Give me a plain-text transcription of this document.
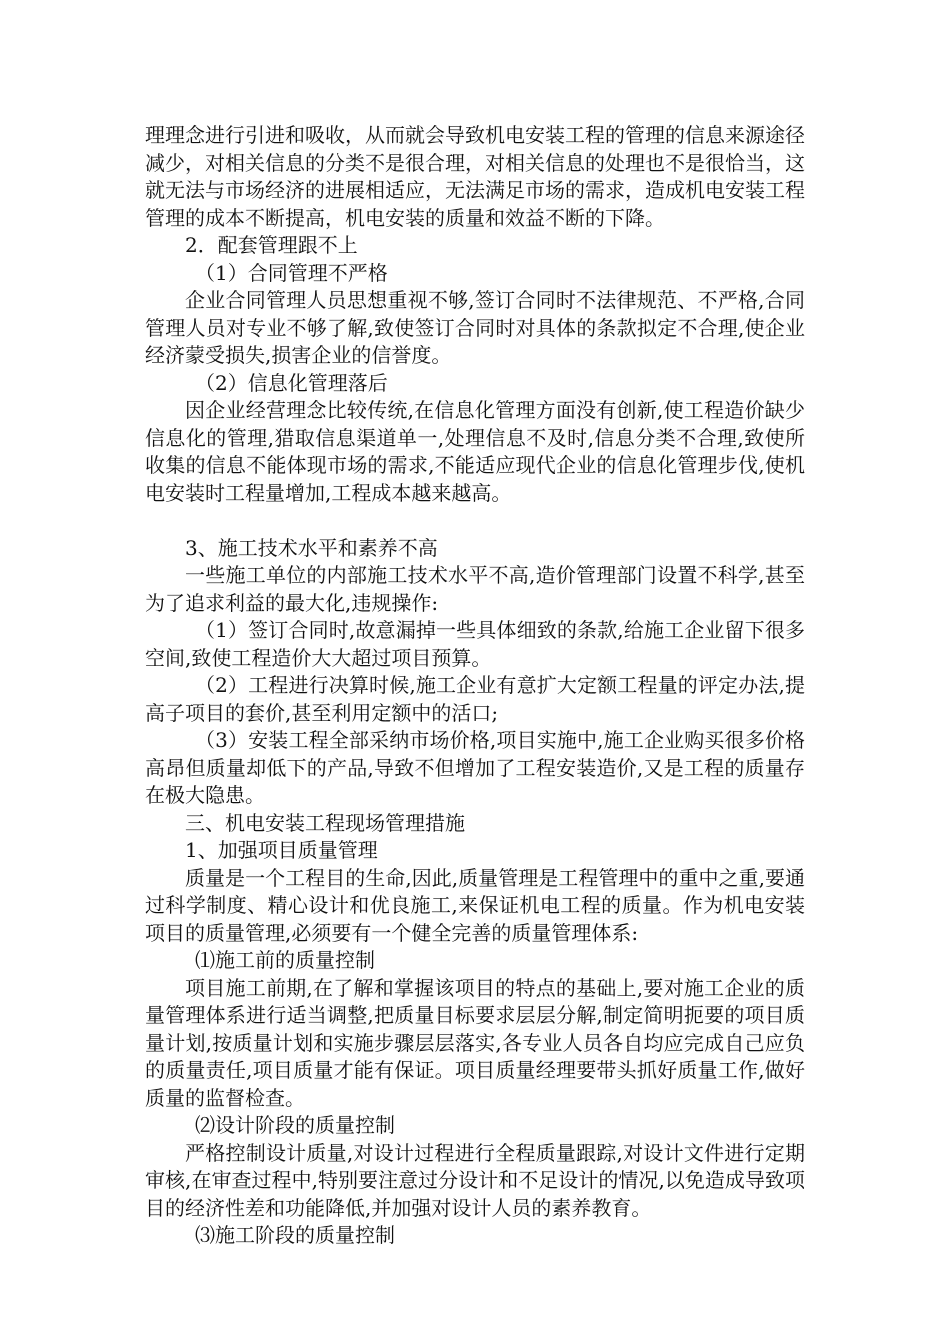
理理念进行引进和吸收，从而就会导致机电安装工程的管理的信息来源途径减少，对相关信息的分类不是很合理，对相关信息的处理也不是很恰当，这就无法与市场经济的进展相适应，无法满足市场的需求，造成机电安装工程管理的成本不断提高，机电安装的质量和效益不断的下降。

2．配套管理跟不上

（1）合同管理不严格

企业合同管理人员思想重视不够,签订合同时不法律规范、不严格,合同管理人员对专业不够了解,致使签订合同时对具体的条款拟定不合理,使企业经济蒙受损失,损害企业的信誉度。

（2）信息化管理落后

因企业经营理念比较传统,在信息化管理方面没有创新,使工程造价缺少信息化的管理,猎取信息渠道单一,处理信息不及时,信息分类不合理,致使所收集的信息不能体现市场的需求,不能适应现代企业的信息化管理步伐,使机电安装时工程量增加,工程成本越来越高。

3、施工技术水平和素养不高

一些施工单位的内部施工技术水平不高,造价管理部门设置不科学,甚至为了追求利益的最大化,违规操作:

（1）签订合同时,故意漏掉一些具体细致的条款,给施工企业留下很多空间,致使工程造价大大超过项目预算。

（2）工程进行决算时候,施工企业有意扩大定额工程量的评定办法,提高子项目的套价,甚至利用定额中的活口;

（3）安装工程全部采纳市场价格,项目实施中,施工企业购买很多价格高昂但质量却低下的产品,导致不但增加了工程安装造价,又是工程的质量存在极大隐患。

三、机电安装工程现场管理措施

1、加强项目质量管理

质量是一个工程目的生命,因此,质量管理是工程管理中的重中之重,要通过科学制度、精心设计和优良施工,来保证机电工程的质量。作为机电安装项目的质量管理,必须要有一个健全完善的质量管理体系:

⑴施工前的质量控制

项目施工前期,在了解和掌握该项目的特点的基础上,要对施工企业的质量管理体系进行适当调整,把质量目标要求层层分解,制定简明扼要的项目质量计划,按质量计划和实施步骤层层落实,各专业人员各自均应完成自己应负的质量责任,项目质量才能有保证。项目质量经理要带头抓好质量工作,做好质量的监督检查。

⑵设计阶段的质量控制

严格控制设计质量,对设计过程进行全程质量跟踪,对设计文件进行定期审核,在审查过程中,特别要注意过分设计和不足设计的情况,以免造成导致项目的经济性差和功能降低,并加强对设计人员的素养教育。

⑶施工阶段的质量控制
